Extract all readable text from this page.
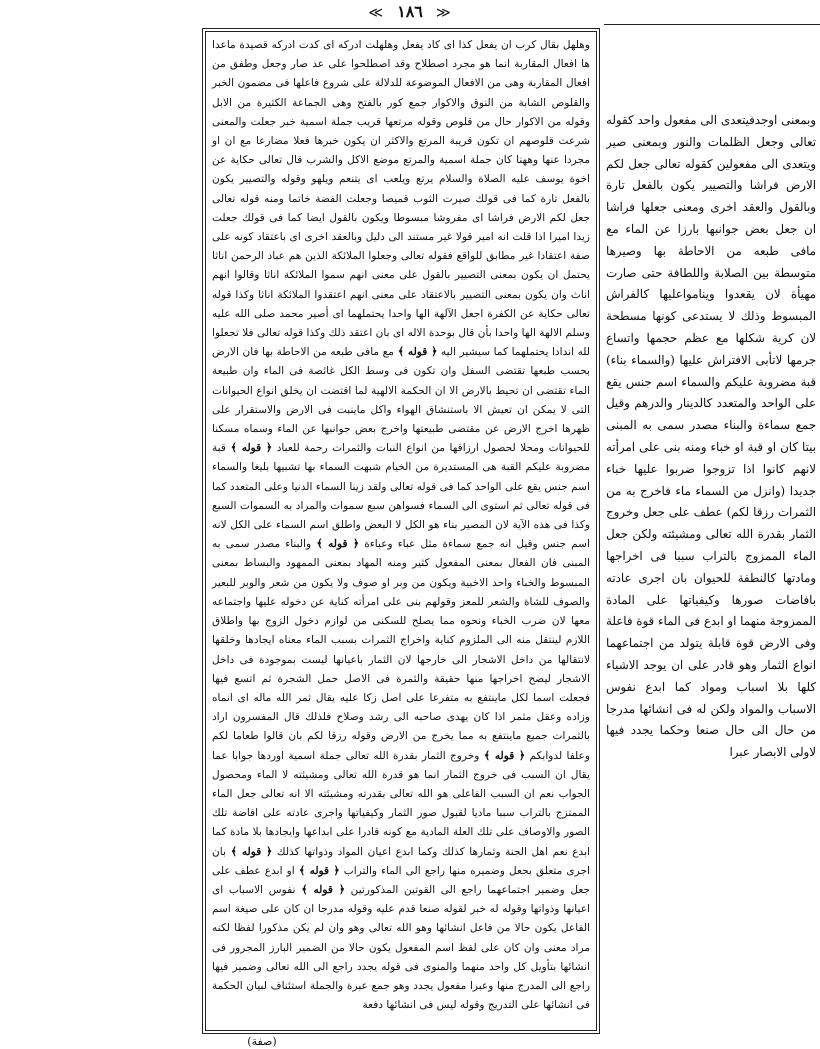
≪ ١٨٦ ≫

وهلهل بقال كرب ان يفعل كذا اى كاد يفعل وهلهلت ادركه اى كدت ادركه قصيدة ماعدا ها افعال المقاربة انما هو مجرد اصطلاح وقد اصطلحوا على عد صار وجعل وطفق من افعال المقاربة وهى من الافعال الموضوعة للدلالة على شروع فاعلها فى مضمون الخبر والقلوص الشابة من النوق والاكوار جمع كور بالفتح وهى الجماعة الكثيرة من الابل وقوله من الاكوار حال من قلوص وقوله مرتعها قريب جملة اسمية خبر جعلت والمعنى شرعت قلوصهم ان تكون قريبة المرتع والاكثر ان يكون خبرها فعلا مضارعا مع ان او مجردا عنها وههنا كان جملة اسمية والمرتع موضع الاكل والشرب قال تعالى حكاية عن اخوة يوسف عليه الصلاة والسلام يرتع ويلعب اى يتنعم ويلهو وقوله والتصيير يكون بالفعل تارة كما فى قولك صيرت الثوب قميصا وجعلت الفضة خاتما ومنه قوله تعالى جعل لكم الارض فراشا اى مفروشا مبسوطا ويكون بالقول ايضا كما فى قولك جعلت زيدا اميرا اذا قلت انه امير قولا غير مستند الى دليل وبالعقد اخرى اى باعتقاد كونه على صفة اعتقادا غير مطابق للواقع فقوله تعالى وجعلوا الملائكة الذين هم عباد الرحمن اناثا يحتمل ان يكون بمعنى التصيير بالقول على معنى انهم سموا الملائكة اناثا وقالوا انهم اناث وان يكون بمعنى التصيير بالاعتقاد على معنى انهم اعتقدوا الملائكة اناثا وكذا قوله تعالى حكاية عن الكفرة اجعل الآلهة الها واحدا يحتملهما اى أصير محمد صلى الله عليه وسلم الالهة الها واحدا بأن قال بوحدة الاله اى بان اعتقد ذلك وكذا قوله تعالى فلا تجعلوا لله اندادا يحتملهما كما سيشير اليه ﴿ قوله ﴾ مع مافى طبعه من الاحاطة بها فان الارض بحسب طبعها تقتضى السفل وان تكون فى وسط الكل غائصة فى الماء وان طبيعة الماء تقتضى ان تحيط بالارض الا ان الحكمة الالهية لما اقتضت ان يخلق انواع الحيوانات التى لا يمكن ان تعيش الا باستنشاق الهواء واكل ماينبت فى الارض والاستقرار على ظهرها اخرج الارض عن مقتضى طبيعتها واخرج بعض جوانبها عن الماء وسماه مسكنا للحيوانات ومحلا لحصول ارزاقها من انواع النبات والثمرات رحمة للعباد ﴿ قوله ﴾ قبة مضروبة عليكم القبة هى المستديرة من الخيام شبهت السماء بها تشبيها بليغا والسماء اسم جنس يقع على الواحد كما فى قوله تعالى ولقد زينا السماء الدنيا وعلى المتعدد كما فى قوله تعالى ثم استوى الى السماء فسواهن سبع سموات والمراد به السموات السبع وكذا فى هذه الآية لان المصير بناء هو الكل لا البعض واطلق اسم السماء على الكل لانه اسم جنس وقيل انه جمع سماءة مثل عباء وعباءة ﴿ قوله ﴾ والبناء مصدر سمى به المبنى فان الفعال بمعنى المفعول كثير ومنه المهاد بمعنى الممهود والبساط بمعنى المبسوط والخباء واحد الاخبية ويكون من وبر او صوف ولا يكون من شعر والوبر للبعير والصوف للشاة والشعر للمعز وقولهم بنى على امرأته كناية عن دخوله عليها واجتماعه معها لان ضرب الخباء ونحوه مما يصلح للسكنى من لوازم دخول الزوج بها واطلاق اللازم لينتقل منه الى الملزوم كناية واخراج الثمرات بسبب الماء معناه ايجادها وخلقها لانتقالها من داخل الاشجار الى خارجها لان الثمار باعيانها ليست بموجودة فى داخل الاشجار ليصح اخراجها منها حقيقة والثمرة فى الاصل حمل الشجرة ثم اتسع فيها فجعلت اسما لكل ماينتفع به متفرعا على اصل زكا عليه يقال ثمر الله ماله اى انماه وزاده وعقل مثمر اذا كان يهدى صاحبه الى رشد وصلاح فلذلك قال المفسرون اراد بالثمرات جميع ماينتفع به مما يخرج من الارض وقوله رزقا لكم بان قالوا طعاما لكم وعلفا لدوابكم ﴿ قوله ﴾ وخروج الثمار بقدرة الله تعالى جملة اسمية اوردها جوابا عما يقال ان السبب فى خروج الثمار انما هو قدرة الله تعالى ومشيئته لا الماء ومحصول الجواب نعم ان السبب الفاعلى هو الله تعالى بقدرته ومشيئته الا انه تعالى جعل الماء الممتزج بالتراب سببا ماديا لقبول صور الثمار وكيفياتها واجرى عادته على افاضة تلك الصور والاوصاف على تلك العلة المادية مع كونه قادرا على ابداعها وايجادها بلا مادة كما ابدع نعم اهل الجنة وثمارها كذلك وكما ابدع اعيان المواد وذواتها كذلك ﴿ قوله ﴾ بان اجرى متعلق بجعل وضميره منها راجع الى الماء والتراب ﴿ قوله ﴾ او ابدع عطف على جعل وضمير اجتماعهما راجع الى القوتين المذكورتين ﴿ قوله ﴾ نفوس الاسباب اى اعيانها وذواتها وقوله له خبر لقوله صنعا قدم عليه وقوله مدرجا ان كان على صيغة اسم الفاعل يكون حالا من فاعل انشائها وهو الله تعالى وهو وان لم يكن مذكورا لفظا لكنه مراد معنى وان كان على لفظ اسم المفعول يكون حالا من الضمير البارز المجرور فى انشائها بتأويل كل واحد منهما والمنوى فى قوله يجدد راجع الى الله تعالى وضمير فيها راجع الى المدرج منها وعبرا مفعول يجدد وهو جمع عبرة والجملة استئناف لبيان الحكمة فى انشائها على التدريج وقوله ليس فى انشائها دفعة

وبمعنى اوجدفيتعدى الى مفعول واحد كقوله تعالى وجعل الظلمات والنور وبمعنى صير ويتعدى الى مفعولين كقوله تعالى جعل لكم الارض فراشا والتصيير يكون بالفعل تارة وبالقول والعقد اخرى ومعنى جعلها فراشا ان جعل بعض جوانبها بارزا عن الماء مع مافى طبعه من الاحاطة بها وصيرها متوسطة بين الصلابة واللطافة حتى صارت مهيأة لان يقعدوا وينامواعليها كالفراش المبسوط وذلك لا يستدعى كونها مسطحة لان كرية شكلها مع عظم حجمها واتساع جرمها لاتأبى الافتراش عليها (والسماء بناء) قبة مضروبة عليكم والسماء اسم جنس يقع على الواحد والمتعدد كالدينار والدرهم وقيل جمع سماءة والبناء مصدر سمى به المبنى بيتا كان او قبة او خباء ومنه بنى على امرأته لانهم كانوا اذا تزوجوا ضربوا عليها خباء جديدا (وانزل من السماء ماء فاخرج به من الثمرات رزقا لكم) عطف على جعل وخروج الثمار بقدرة الله تعالى ومشيئته ولكن جعل الماء الممزوج بالتراب سببا فى اخراجها ومادتها كالنطفة للحيوان بان اجرى عادته بافاضات صورها وكيفياتها على المادة الممزوجة منهما او ابدع فى الماء قوة فاعلة وفى الارض قوة قابلة يتولد من اجتماعهما انواع الثمار وهو قادر على ان يوجد الاشياء كلها بلا اسباب ومواد كما ابدع نفوس الاسباب والمواد ولكن له فى انشائها مدرجا من حال الى حال صنعا وحكما يجدد فيها لاولى الابصار عبرا

(صفة)
